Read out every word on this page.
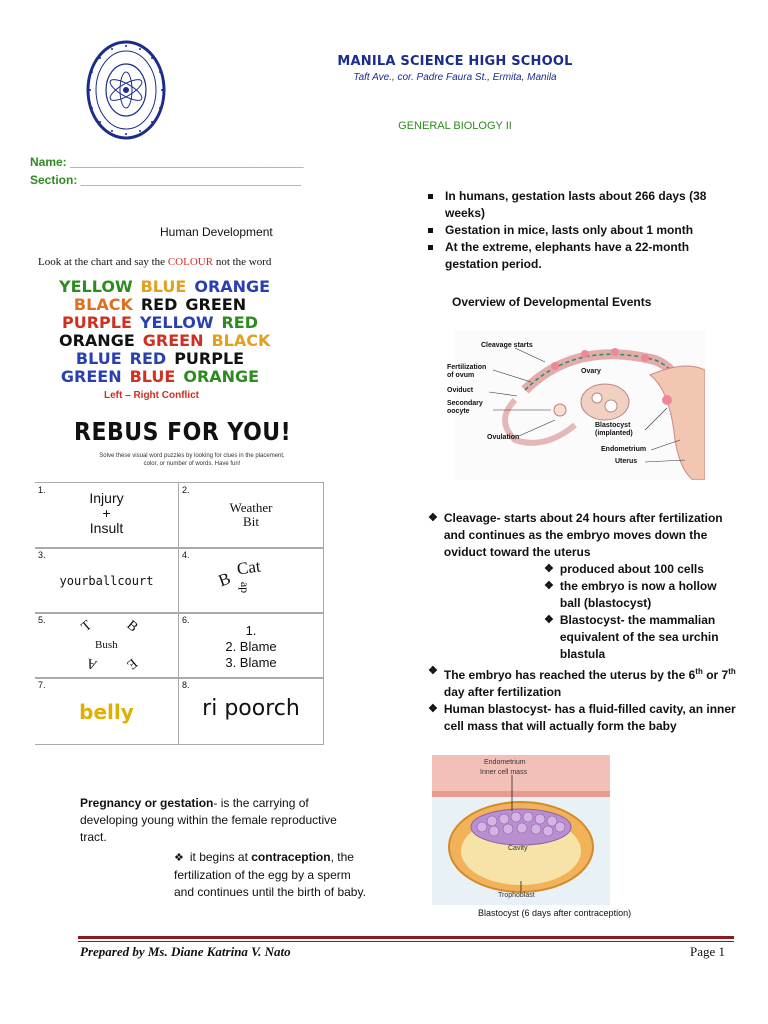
MANILA SCIENCE HIGH SCHOOL
Taft Ave., cor. Padre Faura St., Ermita, Manila
GENERAL BIOLOGY II
Name: ___________________________________
Section: _________________________________
Human Development
Look at the chart and say the COLOUR not the word
YELLOW BLUE ORANGE
BLACK RED GREEN
PURPLE YELLOW RED
ORANGE GREEN BLACK
BLUE RED PURPLE
GREEN BLUE ORANGE
Left – Right Conflict
REBUS FOR YOU!
Solve these visual word puzzles by looking for clues in the placement, color, or number of words. Have fun!
1.	Injury
+
Insult
2.
Weather
Bit
3.
yourballcourt
4.
B
Cat
ap
5. T B
Bush
A E
6.
1.
2. Blame
3. Blame
7.
belly
8.
ri poorch
Pregnancy or gestation- is the carrying of developing young within the female reproductive tract.
❖ it begins at contraception, the fertilization of the egg by a sperm and continues until the birth of baby.
In humans, gestation lasts about 266 days (38 weeks)
Gestation in mice, lasts only about 1 month
At the extreme, elephants have a 22-month gestation period.
Overview of Developmental Events
Cleavage starts
Fertilization of ovum
Oviduct
Secondary oocyte
Ovulation
Ovary
Blastocyst (implanted)
Endometrium
Uterus
❖ Cleavage- starts about 24 hours after fertilization and continues as the embryo moves down the oviduct toward the uterus
❖ produced about 100 cells
❖ the embryo is now a hollow ball (blastocyst)
❖ Blastocyst- the mammalian equivalent of the sea urchin blastula
❖ The embryo has reached the uterus by the 6th or 7th day after fertilization
❖ Human blastocyst- has a fluid-filled cavity, an inner cell mass that will actually form the baby
Endometrium
Inner cell mass
Cavity
Trophoblast
Blastocyst (6 days after contraception)
Prepared by Ms. Diane Katrina V. Nato	Page 1
